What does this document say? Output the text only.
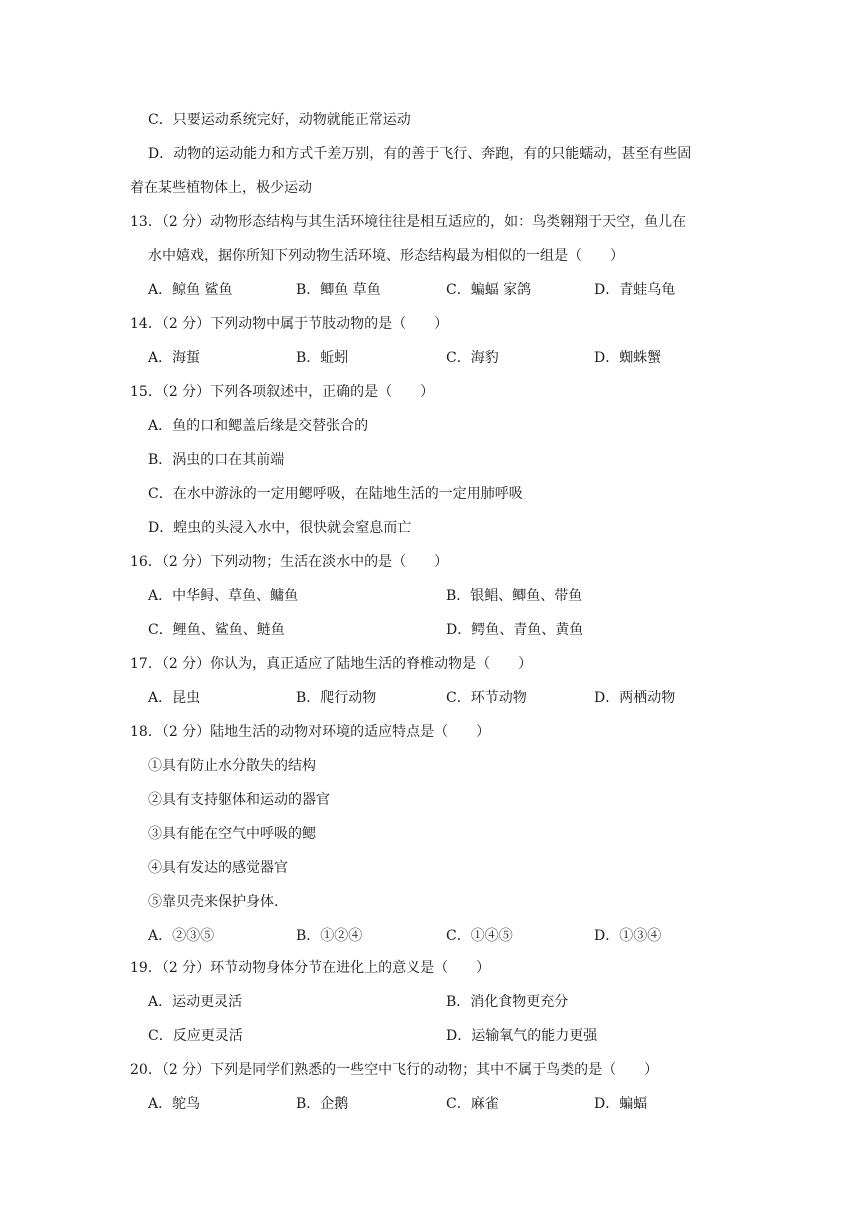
C．只要运动系统完好，动物就能正常运动
D．动物的运动能力和方式千差万别，有的善于飞行、奔跑，有的只能蠕动，甚至有些固
着在某些植物体上，极少运动
13．（2 分）动物形态结构与其生活环境往往是相互适应的，如：鸟类翱翔于天空，鱼儿在
水中嬉戏，据你所知下列动物生活环境、形态结构最为相似的一组是（　　）
A．鲸鱼 鲨鱼	B．鲫鱼 草鱼	C．蝙蝠 家鸽	D．青蛙乌龟
14．（2 分）下列动物中属于节肢动物的是（　　）
A．海蜇	B．蚯蚓	C．海豹	D．蜘蛛蟹
15．（2 分）下列各项叙述中，正确的是（　　）
A．鱼的口和鳃盖后缘是交替张合的
B．涡虫的口在其前端
C．在水中游泳的一定用鳃呼吸，在陆地生活的一定用肺呼吸
D．蝗虫的头浸入水中，很快就会窒息而亡
16．（2 分）下列动物；生活在淡水中的是（　　）
A．中华鲟、草鱼、鳙鱼	B．银鲳、鲫鱼、带鱼
C．鲤鱼、鲨鱼、鲢鱼	D．鳄鱼、青鱼、黄鱼
17．（2 分）你认为，真正适应了陆地生活的脊椎动物是（　　）
A．昆虫	B．爬行动物	C．环节动物	D．两栖动物
18．（2 分）陆地生活的动物对环境的适应特点是（　　）
①具有防止水分散失的结构
②具有支持躯体和运动的器官
③具有能在空气中呼吸的鳃
④具有发达的感觉器官
⑤靠贝壳来保护身体.
A．②③⑤	B．①②④	C．①④⑤	D．①③④
19．（2 分）环节动物身体分节在进化上的意义是（　　）
A．运动更灵活	B．消化食物更充分
C．反应更灵活	D．运输氧气的能力更强
20．（2 分）下列是同学们熟悉的一些空中飞行的动物；其中不属于鸟类的是（　　）
A．鸵鸟	B．企鹅	C．麻雀	D．蝙蝠
